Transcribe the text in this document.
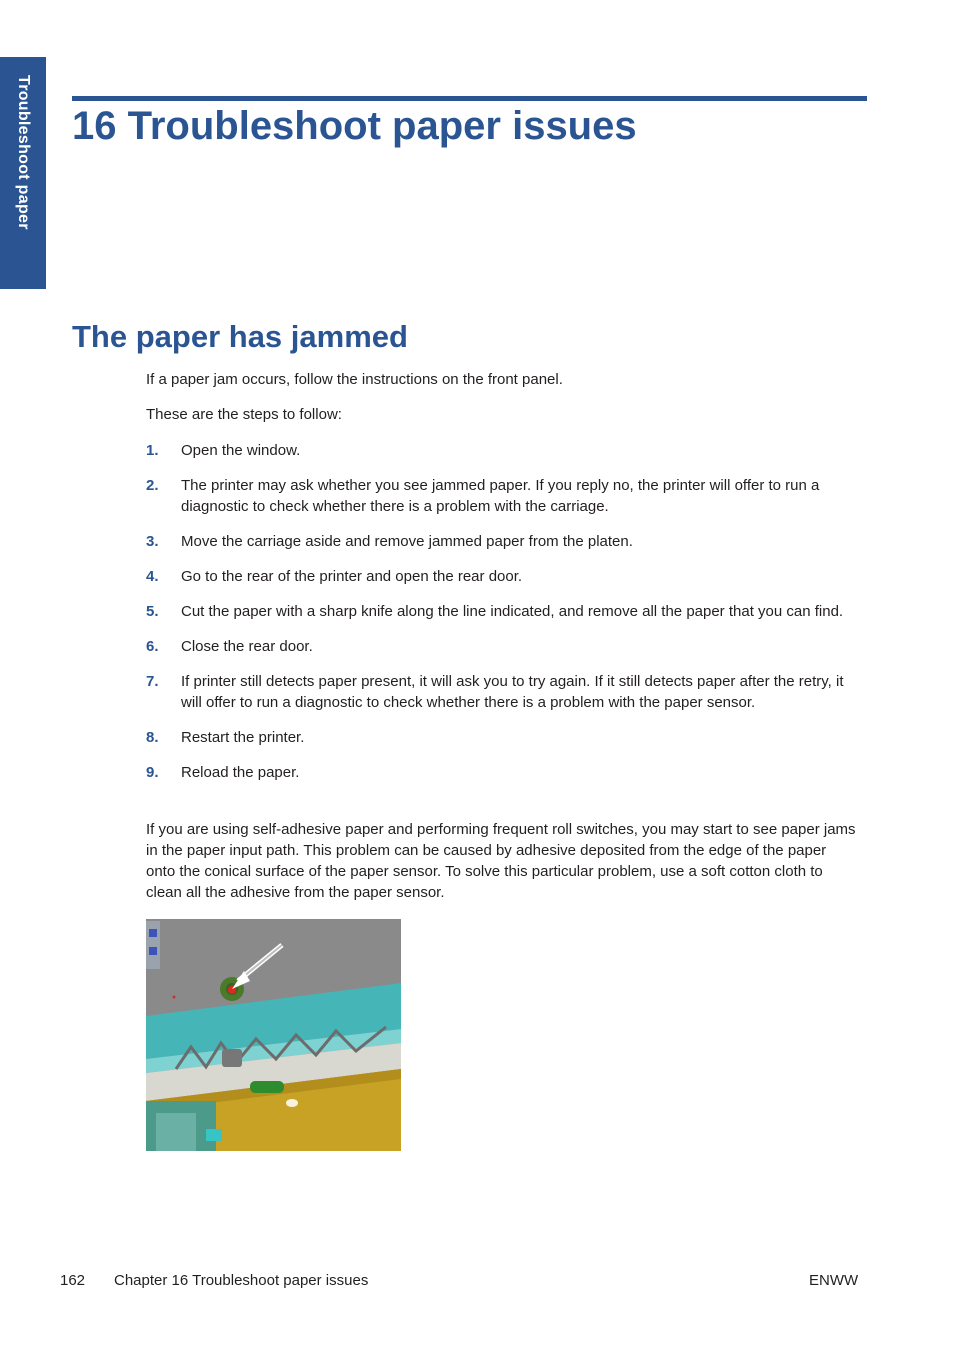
Troubleshoot paper 16 Troubleshoot paper issues
The paper has jammed

If a paper jam occurs, follow the instructions on the front panel.

These are the steps to follow:

1. Open the window.
2. The printer may ask whether you see jammed paper. If you reply no, the printer will offer to run a diagnostic to check whether there is a problem with the carriage.
3. Move the carriage aside and remove jammed paper from the platen.
4. Go to the rear of the printer and open the rear door.
5. Cut the paper with a sharp knife along the line indicated, and remove all the paper that you can find.
6. Close the rear door.
7. If printer still detects paper present, it will ask you to try again. If it still detects paper after the retry, it will offer to run a diagnostic to check whether there is a problem with the paper sensor.
8. Restart the printer.
9. Reload the paper.

If you are using self-adhesive paper and performing frequent roll switches, you may start to see paper jams in the paper input path. This problem can be caused by adhesive deposited from the edge of the paper onto the conical surface of the paper sensor. To solve this particular problem, use a soft cotton cloth to clean all the adhesive from the paper sensor.

162 Chapter 16 Troubleshoot paper issues	ENWW
